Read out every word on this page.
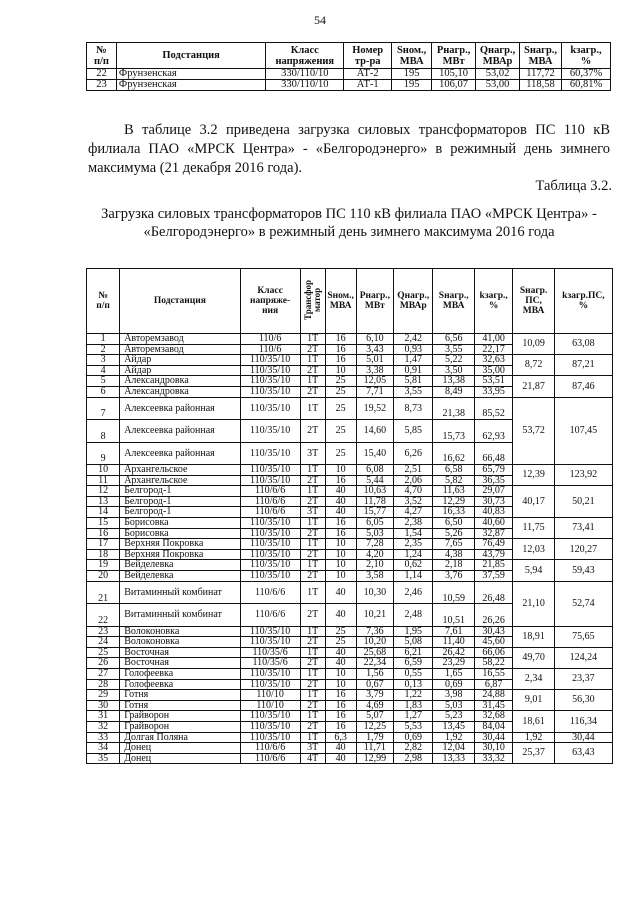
54
№
п/п	Подстанция	Класс
напряжения	Номер
тр-ра	Sном.,
МВА	Pнагр.,
МВт	Qнагр.,
МВАр	Sнагр.,
МВА	kзагр., %
22	Фрунзенская	330/110/10	АТ-2	195	105,10	53,02	117,72	60,37%
23	Фрунзенская	330/110/10	АТ-1	195	106,07	53,00	118,58	60,81%

В таблице 3.2 приведена загрузка силовых трансформаторов ПС 110 кВ филиала ПАО «МРСК Центра» - «Белгородэнерго» в режимный день зимнего максимума (21 декабря 2016 года).

Таблица 3.2.

Загрузка силовых трансформаторов ПС 110 кВ филиала ПАО «МРСК Центра» - «Белгородэнерго» в режимный день зимнего максимума 2016 года

№
п/п	Подстанция	Класс
напряже-
ния	Трансфор
матор	Sном.,
МВА	Pнагр.,
МВт	Qнагр.,
МВАр	Sнагр.,
МВА	kзагр.,
%	Sнагр.
ПС,
МВА	kзагр.ПС,
%
1	Авторемзавод	110/6	1Т	16	6,10	2,42	6,56	41,00	10,09	63,08
2	Авторемзавод	110/6	2Т	16	3,43	0,93	3,55	22,17		
3	Айдар	110/35/10	1Т	16	5,01	1,47	5,22	32,63	8,72	87,21
4	Айдар	110/35/10	2Т	10	3,38	0,91	3,50	35,00		
5	Александровка	110/35/10	1Т	25	12,05	5,81	13,38	53,51	21,87	87,46
6	Александровка	110/35/10	2Т	25	7,71	3,55	8,49	33,95		
7	Алексеевка районная	110/35/10	1Т	25	19,52	8,73	21,38	85,52	53,72	107,45
8	Алексеевка районная	110/35/10	2Т	25	14,60	5,85	15,73	62,93		
9	Алексеевка районная	110/35/10	3Т	25	15,40	6,26	16,62	66,48		
10	Архангельское	110/35/10	1Т	10	6,08	2,51	6,58	65,79	12,39	123,92
11	Архангельское	110/35/10	2Т	16	5,44	2,06	5,82	36,35		
12	Белгород-1	110/6/6	1Т	40	10,63	4,70	11,63	29,07	40,17	50,21
13	Белгород-1	110/6/6	2Т	40	11,78	3,52	12,29	30,73		
14	Белгород-1	110/6/6	3Т	40	15,77	4,27	16,33	40,83		
15	Борисовка	110/35/10	1Т	16	6,05	2,38	6,50	40,60	11,75	73,41
16	Борисовка	110/35/10	2Т	16	5,03	1,54	5,26	32,87		
17	Верхняя Покровка	110/35/10	1Т	10	7,28	2,35	7,65	76,49	12,03	120,27
18	Верхняя Покровка	110/35/10	2Т	10	4,20	1,24	4,38	43,79		
19	Вейделевка	110/35/10	1Т	10	2,10	0,62	2,18	21,85	5,94	59,43
20	Вейделевка	110/35/10	2Т	10	3,58	1,14	3,76	37,59		
21	Витаминный комбинат	110/6/6	1Т	40	10,30	2,46	10,59	26,48	21,10	52,74
22	Витаминный комбинат	110/6/6	2Т	40	10,21	2,48	10,51	26,26		
23	Волоконовка	110/35/10	1Т	25	7,36	1,95	7,61	30,43	18,91	75,65
24	Волоконовка	110/35/10	2Т	25	10,20	5,08	11,40	45,60		
25	Восточная	110/35/6	1Т	40	25,68	6,21	26,42	66,06	49,70	124,24
26	Восточная	110/35/6	2Т	40	22,34	6,59	23,29	58,22		
27	Голофеевка	110/35/10	1Т	10	1,56	0,55	1,65	16,55	2,34	23,37
28	Голофеевка	110/35/10	2Т	10	0,67	0,13	0,69	6,87		
29	Готня	110/10	1Т	16	3,79	1,22	3,98	24,88	9,01	56,30
30	Готня	110/10	2Т	16	4,69	1,83	5,03	31,45		
31	Грайворон	110/35/10	1Т	16	5,07	1,27	5,23	32,68	18,61	116,34
32	Грайворон	110/35/10	2Т	16	12,25	5,53	13,45	84,04		
33	Долгая Поляна	110/35/10	1Т	6,3	1,79	0,69	1,92	30,44	1,92	30,44
34	Донец	110/6/6	3Т	40	11,71	2,82	12,04	30,10	25,37	63,43
35	Донец	110/6/6	4Т	40	12,99	2,98	13,33	33,32		
